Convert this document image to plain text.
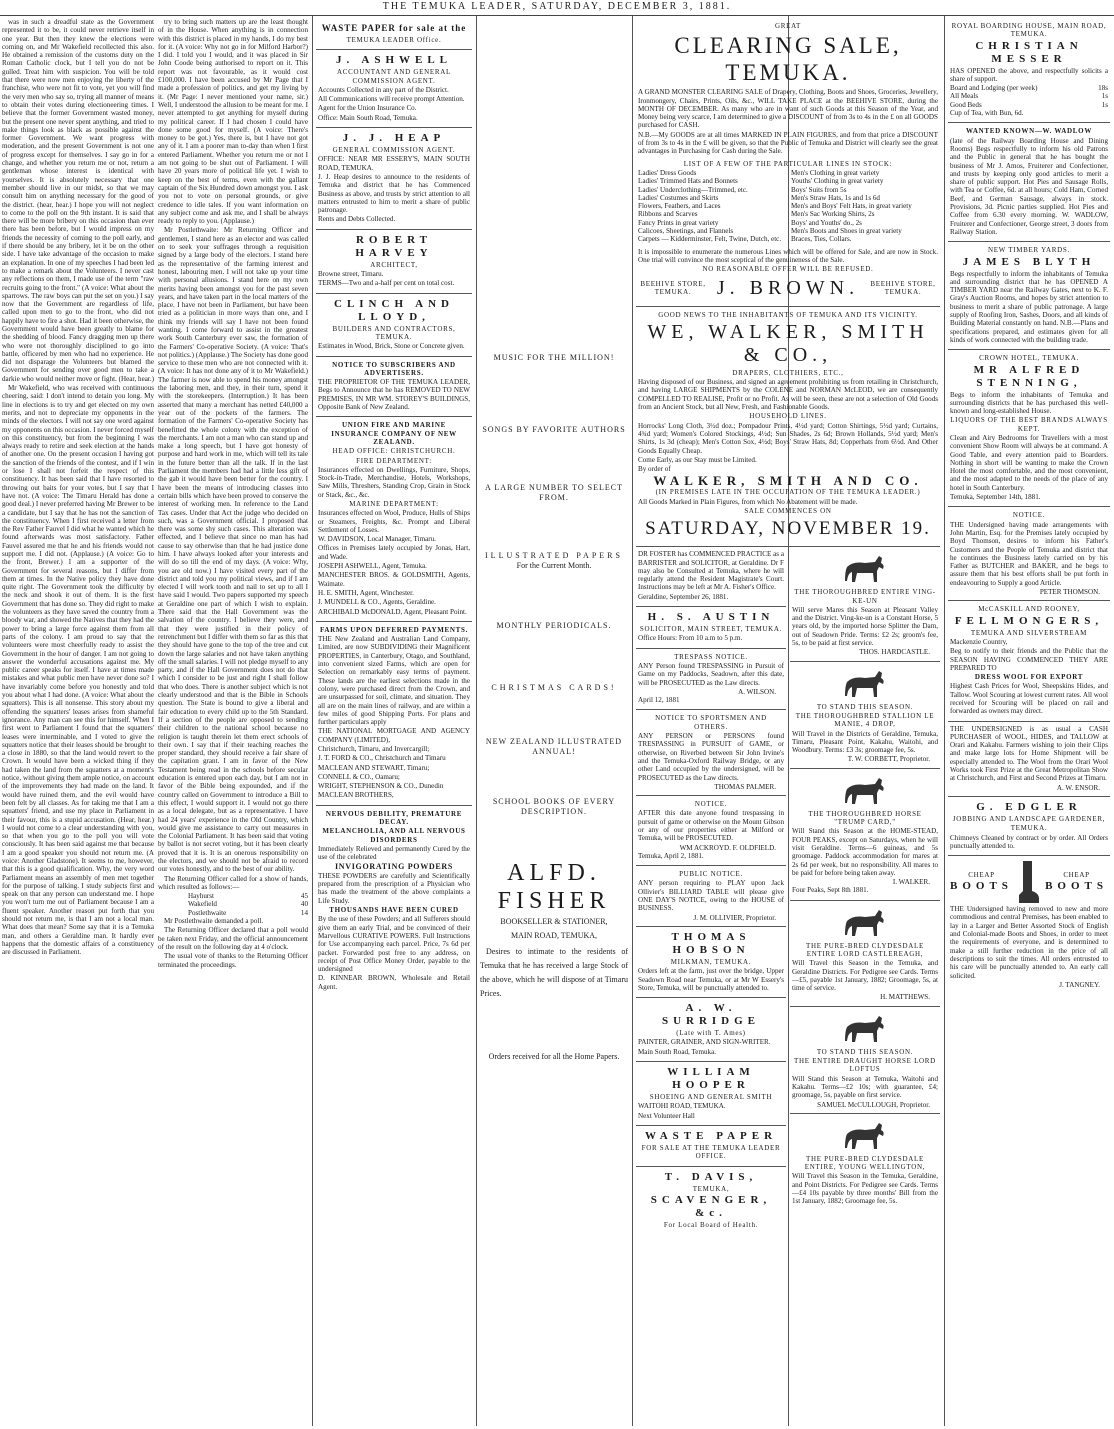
THE TEMUKA LEADER, SATURDAY, DECEMBER 3, 1881.

was in such a dreadful state as the Government represented it to be, it could never retrieve itself in one year. But then they knew the elections were coming on, and Mr Wakefield recollected this also. He obtained a remission of the customs duty on the Roman Catholic clock, but I tell you do not be gulled. Treat him with suspicion. You will be told that there were now men enjoying the liberty of the franchise, who were not fit to vote, yet you will find the very men who say so, trying all manner of means to obtain their votes during electioneering times. I believe that the former Government wasted money, but the present one never spent anything, and tried to make things look as black as possible against the former Government. We want progress with moderation, and the present Government is not one of progress except for themselves. I say go in for a change, and whether you return me or not, return a gentleman whose interest is identical with yourselves. It is absolutely necessary that one member should live in our midst, so that we may consult him on anything necessary for the good of the district. (hear, hear.) I hope you will not neglect to come to the poll on the 9th instant. It is said that there will be more bribery on this occasion than ever there has been before, but I would impress on my friends the necessity of coming to the poll early, and if there should be any bribery, let it be on the other side. I have take advantage of the occasion to make an explanation. In one of my speeches I had been led to make a remark about the Volunteers. I never cast any reflections on them, I made use of the term "raw recruits going to the front." (A voice: What about the sparrows. The raw boys can put the set on you.) I say now that the Government are regardless of life, called upon men to go to the front, who did not happily have to fire a shot. Had it been otherwise, the Government would have been greatly to blame for the shedding of blood. Fancy dragging men up there who were not thoroughly disciplined to go into battle, officered by men who had no experience. He did not disparage the Volunteers but blamed the Government for sending over good men to take a darkie who would neither move or fight. (Hear, hear.)

Mr Wakefield, who was received with continuous cheering, said: I don't intend to detain you long. My line in elections is to try and get elected on my own merits, and not to depreciate my opponents in the minds of the electors. I will not say one word against my opponents on this occasion. I never forced myself on this constituency, but from the beginning I was always ready to retire and seek election at the hands of another one. On the present occasion I having got the sanction of the friends of the contest, and if I win or lose I shall not forfeit the respect of this constituency. It has been said that I have resorted to throwing out baits for your votes, but I say that I have not. (A voice: The Timaru Herald has done a good deal.) I never preferred having Mr Brewer to be a candidate, but I say that he has not the sanction of the constituency. When I first received a letter from the Rev Father Fauvel I did what he wanted which he found afterwards was most satisfactory. Father Fauvel assured me that he and his friends would not support me. I did not. (Applause.) (A voice: Go to the front, Brewer.) I am a supporter of the Government for several reasons, but I differ from them at times. In the Native policy they have done quite right. The Government took the difficulty by the neck and shook it out of them. It is the first Government that has done so. They did right to make the volunteers as they have saved the country from a bloody war, and showed the Natives that they had the power to bring a large force against them from all parts of the colony. I am proud to say that the volunteers were most cheerfully ready to assist the Government in the hour of danger. I am not going to answer the wonderful accusations against me. My public career speaks for itself. I have at times made mistakes and what public men have never done so? I have invariably come before you honestly and told you about what I had done. (A voice: What about the squatters). This is all nonsense. This story about my offending the squatters' leases arises from shameful ignorance. Any man can see this for himself. When I first went to Parliament I found that the squatters' leases were interminable, and I voted to give the squatters notice that their leases should be brought to a close in 1880, so that the land would revert to the Crown. It would have been a wicked thing if they had taken the land from the squatters at a moment's notice, without giving them ample notice, on account of the improvements they had made on the land. It would have ruined them, and the evil would have been felt by all classes. As for taking me that I am a squatters' friend, and use my place in Parliament in their favour, this is a stupid accusation. (Hear, hear.) I would not come to a clear understanding with you, so that when you go to the poll you will vote consciously. It has been said against me that because I am a good speaker you should not return me. (A voice: Another Gladstone). It seems to me, however, that this is a good qualification. Why, the very word Parliament means an assembly of men met together for the purpose of talking. I study subjects first and speak on that any person can understand me. I hope you won't turn me out of Parliament because I am a fluent speaker. Another reason put forth that you should not return me, is that I am not a local man. What does that mean? Some say that it is a Temuka man, and others a Geraldine man. It hardly ever happens that the domestic affairs of a constituency are discussed in Parliament.

try to bring such matters up are the least thought of in the House. When anything is in connection with this district is placed in my hands, I do my best for it. (A voice: Why not go in for Milford Harbor?) I did. I told you I would, and it was placed in Sir John Coode being authorised to report on it. This report was not favourable, as it would cost £100,000. I have been accused by Mr Page that I made a profession of politics, and get my living by it. (Mr Page: I never mentioned your name, sir.) Well, I understood the allusion to be meant for me. I never attempted to get anything for myself during my political career. If I had chosen I could have done some good for myself. (A voice: There's money to be got.) Yes, there is, but I have not got any of it. I am a poorer man to-day than when I first entered Parliament. Whether you return me or not I am not going to be shut out of Parliament. I will have 20 years more of political life yet. I wish to keep on the best of terms, even with the gallant captain of the Six Hundred down amongst you. I ask you not to vote on personal grounds, or give credence to idle tales. If you want information on any subject come and ask me, and I shall be always ready to reply to you. (Applause.)

Mr Postlethwaite: Mr Returning Officer and gentlemen, I stand here as an elector and was called on to seek your suffrages through a requisition signed by a large body of the electors. I stand here as the representative of the farming interest and honest, labouring men. I will not take up your time with personal allusions. I stand here on my own merits having been amongst you for the past seven years, and have taken part in the local matters of the place. I have not been in Parliament, but have been tried as a politician in more ways than one, and I think my friends will say I have not been found wanting. I come forward to assist in the greatest work South Canterbury ever saw, the formation of the Farmers' Co-operative Society. (A voice: That's not politics.) (Applause.) The Society has done good service to these men who are not connected with it. (A voice: It has not done any of it to Mr Wakefield.) The farmer is now able to spend his money amongst the laboring men, and they, in their turn, spend it with the storekeepers. (Interruption.) It has been asserted that many a merchant has netted £40,000 a year out of the pockets of the farmers. The formation of the Farmers' Co-operative Society has benefitted the whole colony with the exception of the merchants. I am not a man who can stand up and make a long speech, but I have got honesty of purpose and hard work in me, which will tell its tale in the future better than all the talk. If in the last Parliament the members had had a little less gift of the gab it would have been better for the country. I have been the means of introducing classes into certain bills which have been proved to conserve the interest of working men. In reference to the Land Tax cases. Under that Act the judge who decided on such, was a Government official. I proposed that there was some shy such cases. This alteration was effected, and I believe that since no man has had cause to say otherwise than that he had justice done him. I have always looked after your interests and will do so till the end of my days. (A voice: Why, you are old now.) I have visited every part of the district and told you my political views, and if I am elected I will work tooth and nail to set up to all I have said I would. Two papers supported my speech at Geraldine one part of which I wish to explain. There said that the Hall Government was the salvation of the country. I believe they were, and that they were justified in their policy of retrenchment but I differ with them so far as this that they should have gone to the top of the tree and cut down the large salaries and not have taken anything off the small salaries. I will not pledge myself to any party, and if the Hall Government does not do that which I consider to be just and right I shall follow that who does. There is another subject which is not clearly understood and that is the Bible in Schools question. The State is bound to give a liberal and fair education to every child up to the 5th Standard. If a section of the people are opposed to sending their children to the national school because no religion is taught therein let them erect schools of their own. I say that if their teaching reaches the proper standard, they should receive a fair share of the capitation grant. I am in favor of the New Testament being read in the schools before secular education is entered upon each day, but I am not in favor of the Bible being expounded, and if the country called on Government to introduce a Bill to this effect, I would support it. I would not go there as a local delegate, but as a representative. I have had 24 years' experience in the Old Country, which would give me assistance to carry out measures in the Colonial Parliament. It has been said that voting by ballot is not secret voting, but it has been clearly proved that it is. It is an onerous responsibility on the electors, and we should not be afraid to record our votes honestly, and to the best of our ability.

The Returning Officer called for a show of hands, which resulted as follows:—

Hayhurst	45
Wakefield	40
Postlethwaite	14

Mr Postlethwaite demanded a poll.

The Returning Officer declared that a poll would be taken next Friday, and the official announcement of the result on the following day at 4 o'clock.

The usual vote of thanks to the Returning Officer terminated the proceedings.

WASTE PAPER for sale at the
TEMUKA LEADER Office.
J. ASHWELL
ACCOUNTANT AND GENERAL COMMISSION AGENT.

Accounts Collected in any part of the District.

All Communications will receive prompt Attention.

Agent for the Union Insurance Co.

Office: Main South Road, Temuka.

J. J. HEAP
GENERAL COMMISSION AGENT.

OFFICE: NEAR MR ESSERY'S, MAIN SOUTH ROAD, TEMUKA.

J. J. Heap desires to announce to the residents of Temuka and district that he has Commenced Business as above, and trusts by strict attention to all matters entrusted to him to merit a share of public patronage.

Rents and Debts Collected.

ROBERT HARVEY
ARCHITECT,

Browne street, Timaru.

TERMS—Two and a-half per cent on total cost.

CLINCH AND LLOYD,
BUILDERS AND CONTRACTORS, TEMUKA.

Estimates in Wood, Brick, Stone or Concrete given.

NOTICE TO SUBSCRIBERS AND ADVERTISERS.

THE PROPRIETOR OF THE TEMUKA LEADER, Begs to Announce that he has REMOVED TO NEW PREMISES, IN MR WM. STOREY'S BUILDINGS, Opposite Bank of New Zealand.

UNION FIRE AND MARINE INSURANCE COMPANY OF NEW ZEALAND.
HEAD OFFICE: CHRISTCHURCH.
FIRE DEPARTMENT:

Insurances effected on Dwellings, Furniture, Shops, Stock-in-Trade, Merchandise, Hotels, Workshops, Saw Mills, Threshers, Standing Crop, Grain in Stock or Stack, &c., &c.

MARINE DEPARTMENT:

Insurances effected on Wool, Produce, Hulls of Ships or Steamers, Freights, &c. Prompt and Liberal Settlement of Losses.

W. DAVIDSON, Local Manager, Timaru.

Offices in Premises lately occupied by Jonas, Hart, and Wade.

JOSEPH ASHWELL, Agent, Temuka.

MANCHESTER BROS. & GOLDSMITH, Agents, Waimate.

H. E. SMITH, Agent, Winchester.

J. MUNDELL & CO., Agents, Geraldine.

ARCHIBALD McDONALD, Agent, Pleasant Point.

FARMS UPON DEFERRED PAYMENTS.

THE New Zealand and Australian Land Company, Limited, are now SUBDIVIDING their Magnificent PROPERTIES, in Canterbury, Otago, and Southland, into convenient sized Farms, which are open for Selection on remarkably easy terms of payment. These lands are the earliest selections made in the colony, were purchased direct from the Crown, and are unsurpassed for soil, climate, and situation. They all are on the main lines of railway, and are within a few miles of good Shipping Ports. For plans and further particulars apply

THE NATIONAL MORTGAGE AND AGENCY COMPANY (LIMITED),

Christchurch, Timaru, and Invercargill;

J. T. FORD & CO., Christchurch and Timaru

MACLEAN AND STEWART, Timaru;

CONNELL & CO., Oamaru;

WRIGHT, STEPHENSON & CO., Dunedin

MACLEAN BROTHERS,

NERVOUS DEBILITY, PREMATURE DECAY.
MELANCHOLIA, AND ALL NERVOUS DISORDERS

Immediately Relieved and permanently Cured by the use of the celebrated

INVIGORATING POWDERS

THESE POWDERS are carefully and Scientifically prepared from the prescription of a Physician who has made the treatment of the above complaints a Life Study.

THOUSANDS HAVE BEEN CURED

By the use of these Powders; and all Sufferers should give them an early Trial, and be convinced of their Marvellous CURATIVE POWERS. Full Instructions for Use accompanying each parcel. Price, 7s 6d per packet. Forwarded post free to any address, on receipt of Post Office Money Order, payable to the undersigned

D. KINNEAR BROWN, Wholesale and Retail Agent.

MUSIC FOR THE MILLION!
SONGS BY FAVORITE AUTHORS
A LARGE NUMBER TO SELECT FROM.
ILLUSTRATED PAPERS
For the Current Month.
MONTHLY PERIODICALS.
CHRISTMAS CARDS!
NEW ZEALAND ILLUSTRATED ANNUAL!
SCHOOL BOOKS OF EVERY DESCRIPTION.
ALFD. FISHER
BOOKSELLER & STATIONER,
MAIN ROAD, TEMUKA,

Desires to intimate to the residents of Temuka that he has received a large Stock of the above, which he will dispose of at Timaru Prices.

Orders received for all the Home Papers.
GREAT
CLEARING SALE, TEMUKA.

A GRAND MONSTER CLEARING SALE of Drapery, Clothing, Boots and Shoes, Groceries, Jewellery, Ironmongery, Chairs, Prints, Oils, &c., WILL TAKE PLACE at the BEEHIVE STORE, during the MONTH OF DECEMBER. As many who are in want of such Goods at this Season of the Year, and Money being very scarce, I am determined to give a DISCOUNT of from 3s to 4s in the £ on all GOODS purchased for CASH.

N.B.—My GOODS are at all times MARKED IN PLAIN FIGURES, and from that price a DISCOUNT of from 3s to 4s in the £ will be given, so that the Public of Temuka and District will clearly see the great advantages in Purchasing for Cash during the Sale.

LIST OF A FEW OF THE PARTICULAR LINES IN STOCK:
Ladies' Dress Goods
Ladies' Trimmed Hats and Bonnets
Ladies' Underclothing—Trimmed, etc.
Ladies' Costumes and Skirts
Flowers, Feathers, and Laces
Ribbons and Scarves
Fancy Prints in great variety
Calicoes, Sheetings, and Flannels
Carpets — Kidderminster, Felt, Twine, Dutch, etc.
Men's Clothing in great variety
Youths' Clothing in great variety
Boys' Suits from 5s
Men's Straw Hats, 1s and 1s 6d
Men's and Boys' Felt Hats, in great variety
Men's Sac Working Shirts, 2s
Boys' and Youths' do., 2s
Men's Boots and Shoes in great variety
Braces, Ties, Collars.

It is impossible to enumerate the numerous Lines which will be offered for Sale, and are now in Stock. One trial will convince the most sceptical of the genuineness of the Sale.

NO REASONABLE OFFER WILL BE REFUSED.
BEEHIVE STORE, TEMUKA.	J. BROWN.	BEEHIVE STORE, TEMUKA.
GOOD NEWS TO THE INHABITANTS OF TEMUKA AND ITS VICINITY.
WE, WALKER, SMITH & CO.,
DRAPERS, CLOTHIERS, ETC.,

Having disposed of our Business, and signed an agreement prohibiting us from retailing in Christchurch, and having LARGE SHIPMENTS by the COLENE and NORMAN McLEOD, we are consequently COMPELLED TO REALISE, Profit or no Profit. As will be seen, these are not a selection of Old Goods from an Ancient Stock, but all New, Fresh, and Fashionable Goods.

HOUSEHOLD LINES.

Horrocks' Long Cloth, 3½d doz.; Pompadour Prints, 4½d yard; Cotton Shirtings, 5½d yard; Curtains, 4¾d yard; Women's Colored Stockings, 4½d; Sun Shades, 2s 6d; Brown Hollands, 5½d yard; Men's Shirts, 1s 3d (cheap); Men's Cotton Sox, 4½d; Boys' Straw Hats, 8d; Copperhats from 6½d. And Other Goods Equally Cheap.

Come Early, as our Stay must be Limited.

By order of
WALKER, SMITH AND CO.
(IN PREMISES LATE IN THE OCCUPATION OF THE TEMUKA LEADER.)

All Goods Marked in Plain Figures, from which No Abatement will be made.

SALE COMMENCES ON
SATURDAY, NOVEMBER 19.

DR FOSTER has COMMENCED PRACTICE as a BARRISTER and SOLICITOR, at Geraldine. Dr F may also be Consulted at Temuka, where he will regularly attend the Resident Magistrate's Court. Instructions may be left at Mr A. Fisher's Office.

Geraldine, September 26, 1881.

H. S. AUSTIN
SOLICITOR, MAIN STREET, TEMUKA.

Office Hours: From 10 a.m to 5 p.m.

TRESPASS NOTICE.

ANY Person found TRESPASSING in Pursuit of Game on my Paddocks, Seadown, after this date, will be PROSECUTED as the Law directs.

A. WILSON.

April 12, 1881

NOTICE TO SPORTSMEN AND OTHERS.

ANY PERSON or PERSONS found TRESPASSING in PURSUIT of GAME, or otherwise, on Riverbed between Sir John Irvine's and the Temuka-Oxford Railway Bridge, or any other Land occupied by the undersigned, will be PROSECUTED as the Law directs.

THOMAS PALMER.
NOTICE.

AFTER this date anyone found trespassing in pursuit of game or otherwise on the Mount Gibson or any of our properties either at Milford or Temuka, will be PROSECUTED.

WM ACKROYD. F. OLDFIELD.

Temuka, April 2, 1881.

PUBLIC NOTICE.

ANY person requiring to PLAY upon Jack Ollivier's BILLIARD TABLE will please give ONE DAY'S NOTICE, owing to the HOUSE of BUSINESS.

J. M. OLLIVIER, Proprietor.
THOMAS HOBSON
MILKMAN, TEMUKA.

Orders left at the farm, just over the bridge, Upper Seadown Road near Temuka, or at Mr W Essery's Store, Temuka, will be punctually attended to.

A. W. SURRIDGE
(Late with T. Ames)

PAINTER, GRAINER, AND SIGN-WRITER.

Main South Road, Temuka.

WILLIAM HOOPER
SHOEING AND GENERAL SMITH

WAITOHI ROAD, TEMUKA.

Next Volunteer Hall

WASTE PAPER
FOR SALE AT THE TEMUKA LEADER OFFICE.
T. DAVIS,
TEMUKA,
SCAVENGER, &c.
For Local Board of Health.
THE THOROUGHBRED ENTIRE VING-KE-UN

Will serve Mares this Season at Pleasant Valley and the District. Ving-ke-un is a Constant Horse, 5 years old, by the imported horse Splitter the Dam, out of Seadown Pride. Terms: £2 2s; groom's fee, 5s, to be paid at first service.

THOS. HARDCASTLE.
TO STAND THIS SEASON.
THE THOROUGHBRED STALLION LE MANIE, 4 DROP,

Will Travel in the Districts of Geraldine, Temuka, Timaru, Pleasant Point, Kakahu, Waitohi, and Woodbury. Terms: £3 3s; groomage fee, 5s.

T. W. CORBETT, Proprietor.
THE THOROUGHBRED HORSE "TRUMP CARD,"

Will Stand this Season at the HOME-STEAD, FOUR PEAKS, except on Saturdays, when he will visit Geraldine. Terms—6 guineas, and 5s groomage. Paddock accommodation for mares at 2s 6d per week, but no responsibility. All mares to be paid for before being taken away.

I. WALKER.

Four Peaks, Sept 8th 1881.

THE PURE-BRED CLYDESDALE ENTIRE LORD CASTLEREAGH,

Will Travel this Season in the Temuka, and Geraldine Districts. For Pedigree see Cards. Terms—£5, payable 1st January, 1882; Groomage, 5s, at time of service.

H. MATTHEWS.
TO STAND THIS SEASON.
THE ENTIRE DRAUGHT HORSE LORD LOFTUS

Will Stand this Season at Temuka, Waitohi and Kakahu. Terms—£2 10s; with guarantee, £4; groomage, 5s, payable on first service.

SAMUEL McCULLOUGH, Proprietor.
THE PURE-BRED CLYDESDALE ENTIRE, YOUNG WELLINGTON,

Will Travel this Season in the Temuka, Geraldine, and Point Districts. For Pedigree see Cards. Terms—£4 10s payable by three months' Bill from the 1st January, 1882; Groomage fee, 5s.

ROYAL BOARDING HOUSE, MAIN ROAD, TEMUKA.
CHRISTIAN MESSER

HAS OPENED the above, and respectfully solicits a share of support.

Board and Lodging (per week)	18s
All Meals	1s
Good Beds	1s

Cup of Tea, with Bun, 6d.

WANTED KNOWN—W. WADLOW

(late of the Railway Boarding House and Dining Rooms) Begs respectfully to inform his old Patrons and the Public in general that he has bought the business of Mr J. Amos, Fruiterer and Confectioner, and trusts by keeping only good articles to merit a share of public support. Hot Pies and Sausage Rolls, with Tea or Coffee, 6d. at all hours; Cold Ham, Corned Beef, and German Sausage, always in stock. Provisions, 3d. Picnic parties supplied. Hot Pies and Coffee from 6.30 every morning. W. WADLOW, Fruiterer and Confectioner, George street, 3 doors from Railway Station.

NEW TIMBER YARDS.
JAMES BLYTH

Begs respectfully to inform the inhabitants of Temuka and surrounding district that he has OPENED A TIMBER YARD near the Railway Gates, next to K. F. Gray's Auction Rooms, and hopes by strict attention to business to merit a share of public patronage. A large supply of Roofing Iron, Sashes, Doors, and all kinds of Building Material constantly on hand. N.B.—Plans and specifications prepared, and estimates given for all kinds of work connected with the building trade.

CROWN HOTEL, TEMUKA.
MR ALFRED STENNING,

Begs to inform the inhabitants of Temuka and surrounding districts that he has purchased this well-known and long-established House.

LIQUORS OF THE BEST BRANDS ALWAYS KEPT.

Clean and Airy Bedrooms for Travellers with a most convenient Show Room will always be at command. A Good Table, and every attention paid to Boarders. Nothing in short will be wanting to make the Crown Hotel the most comfortable, and the most convenient, and the most adapted to the needs of the place of any hotel in South Canterbury.

Temuka, September 14th, 1881.

NOTICE.

THE Undersigned having made arrangements with John Martin, Esq. for the Premises lately occupied by Boyd Thomson, desires to inform his Father's Customers and the People of Temuka and district that he continues the Business lately carried on by his Father as BUTCHER and BAKER, and he begs to assure them that his best efforts shall be put forth in endeavouring to Supply a good Article.

PETER THOMSON.
McCASKILL AND ROONEY,
FELLMONGERS,
TEMUKA AND SILVERSTREAM

Mackenzie Country,

Beg to notify to their friends and the Public that the SEASON HAVING COMMENCED THEY ARE PREPARED TO

DRESS WOOL FOR EXPORT

Highest Cash Prices for Wool, Sheepskins Hides, and Tallow. Wool Scouring at lowest current rates. All wool received for Scouring will be placed on rail and forwarded as owners may direct.

THE UNDERSIGNED is as usual a CASH PURCHASER of WOOL, HIDES, and TALLOW at Orari and Kakahu. Farmers wishing to join their Clips and make large lots for Home Shipment will be especially attended to. The Wool from the Orari Wool Works took First Prize at the Great Metropolitan Show at Christchurch, and First and Second Prizes at Timaru.

A. W. ENSOR.
G. EDGLER
JOBBING AND LANDSCAPE GARDENER,
TEMUKA.

Chimneys Cleaned by contract or by order. All Orders punctually attended to.

CHEAP
BOOTS
CHEAP
BOOTS

THE Undersigned having removed to new and more commodious and central Premises, has been enabled to lay in a Larger and Better Assorted Stock of English and Colonial-made Boots and Shoes, in order to meet the requirements of everyone, and is determined to make a still further reduction in the price of all descriptions to suit the times. All orders entrusted to his care will be punctually attended to. An early call solicited.

J. TANGNEY.
